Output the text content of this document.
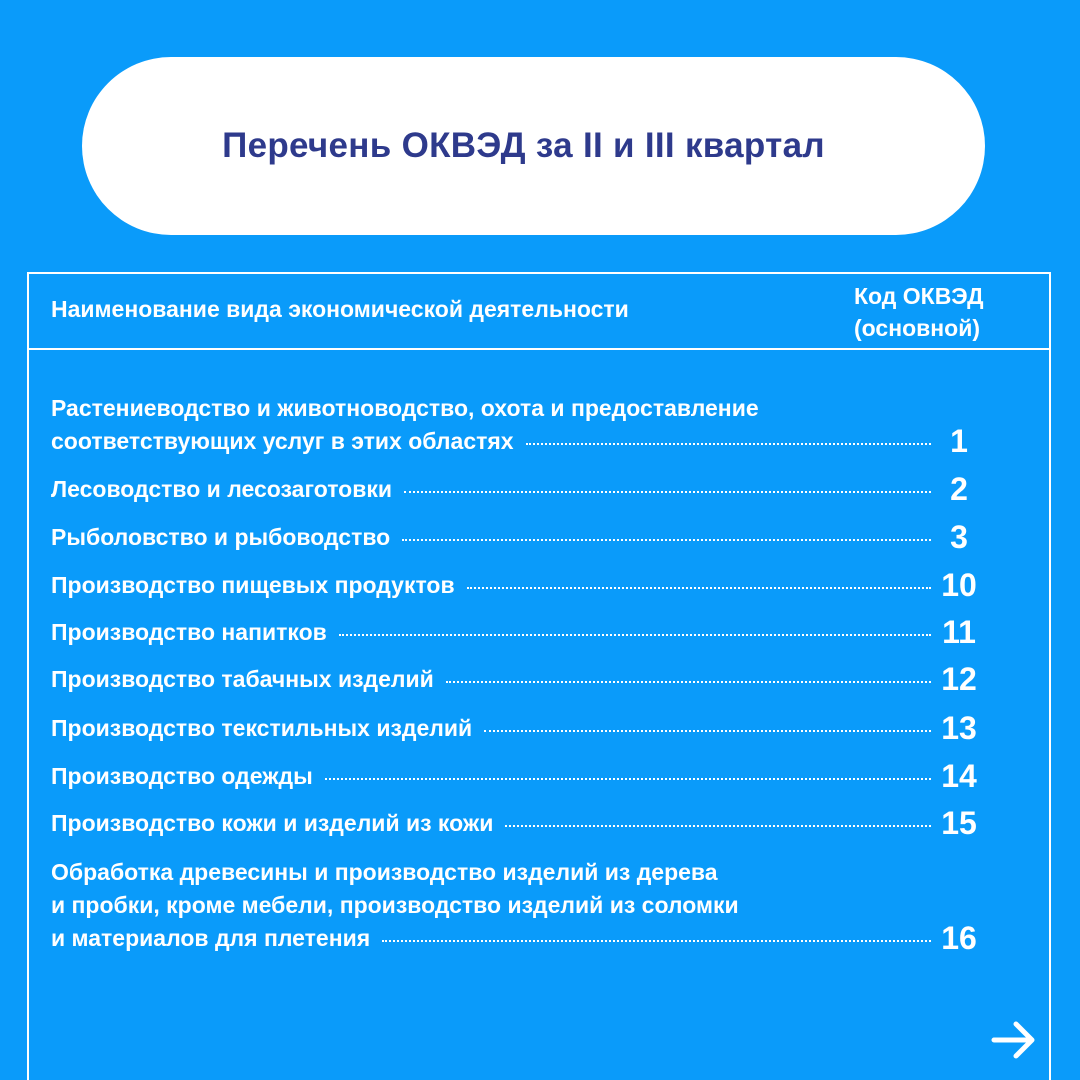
Перечень ОКВЭД за II и III квартал
Наименование вида экономической деятельности	Код ОКВЭД
(основной)
Растениеводство и животноводство, охота и предоставление
соответствующих услуг в этих областях	1
Лесоводство и лесозаготовки	2
Рыболовство и рыбоводство	3
Производство пищевых продуктов	10
Производство напитков	11
Производство табачных изделий	12
Производство текстильных изделий	13
Производство одежды	14
Производство кожи и изделий из кожи	15
Обработка древесины и производство изделий из дерева
и пробки, кроме мебели, производство изделий из соломки
и материалов для плетения	16
